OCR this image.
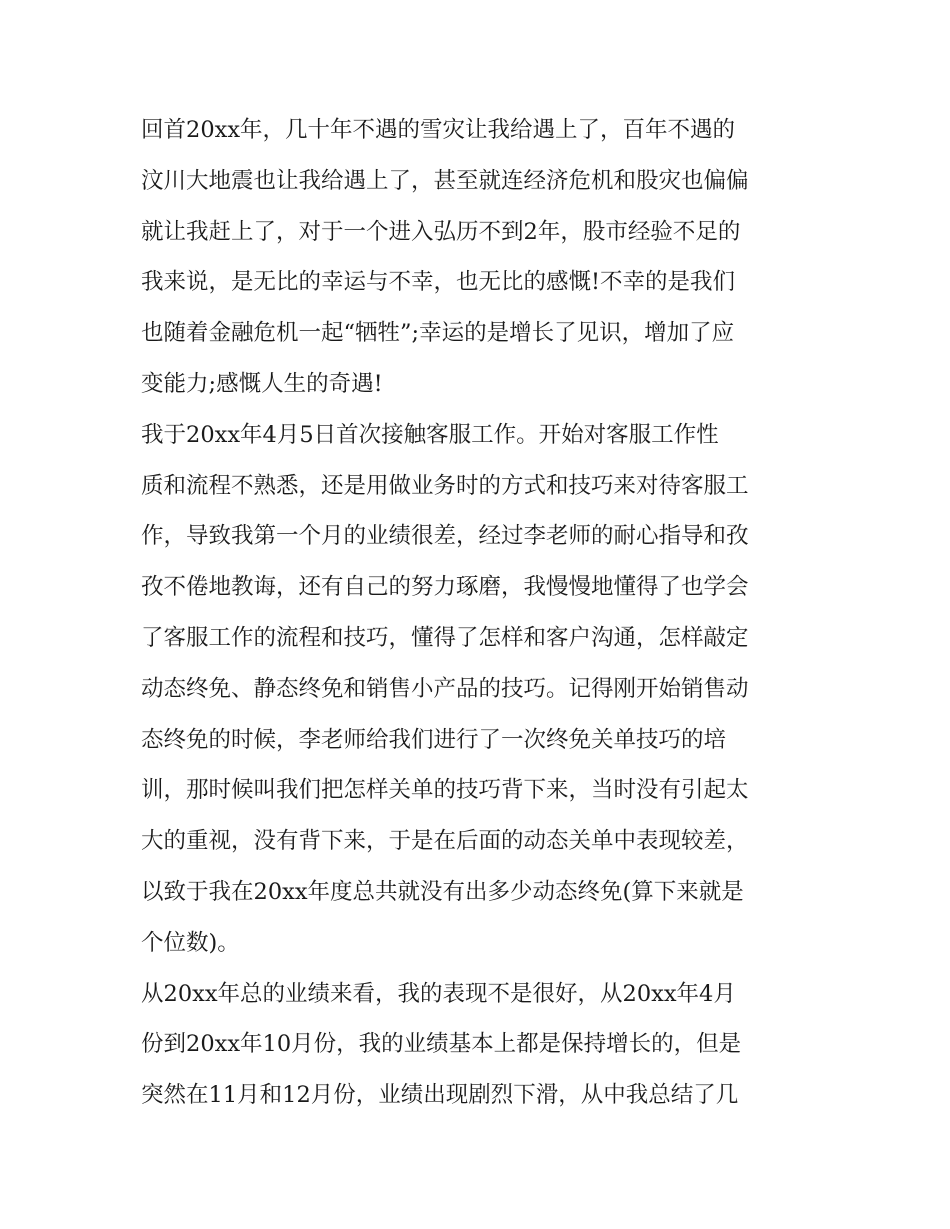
回首20xx年，几十年不遇的雪灾让我给遇上了，百年不遇的
汶川大地震也让我给遇上了，甚至就连经济危机和股灾也偏偏
就让我赶上了，对于一个进入弘历不到2年，股市经验不足的
我来说，是无比的幸运与不幸，也无比的感慨!不幸的是我们
也随着金融危机一起“牺牲”;幸运的是增长了见识，增加了应
变能力;感慨人生的奇遇!
我于20xx年4月5日首次接触客服工作。开始对客服工作性
质和流程不熟悉，还是用做业务时的方式和技巧来对待客服工
作，导致我第一个月的业绩很差，经过李老师的耐心指导和孜
孜不倦地教诲，还有自己的努力琢磨，我慢慢地懂得了也学会
了客服工作的流程和技巧，懂得了怎样和客户沟通，怎样敲定
动态终免、静态终免和销售小产品的技巧。记得刚开始销售动
态终免的时候，李老师给我们进行了一次终免关单技巧的培
训，那时候叫我们把怎样关单的技巧背下来，当时没有引起太
大的重视，没有背下来，于是在后面的动态关单中表现较差，
以致于我在20xx年度总共就没有出多少动态终免(算下来就是
个位数)。
从20xx年总的业绩来看，我的表现不是很好，从20xx年4月
份到20xx年10月份，我的业绩基本上都是保持增长的，但是
突然在11月和12月份，业绩出现剧烈下滑，从中我总结了几
